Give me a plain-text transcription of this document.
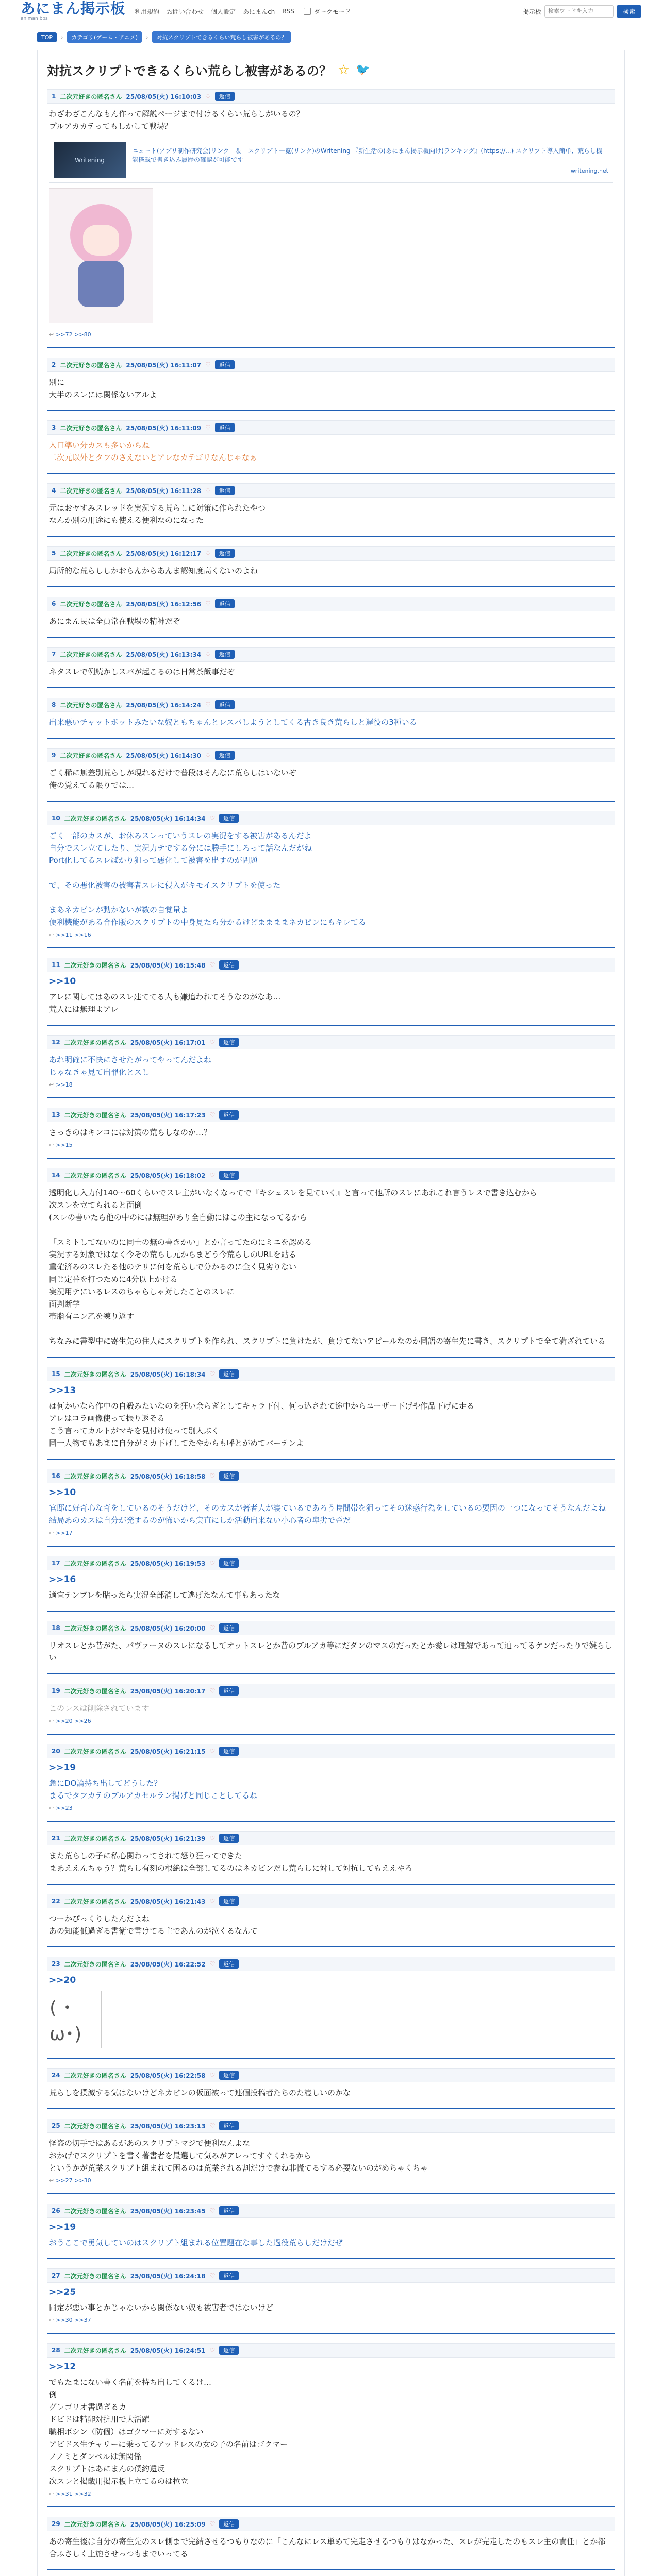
あにまん掲示板
animan bbs
利用規約 お問い合わせ 個人設定 あにまんch RSS	ダークモード	掲示板
検索ワードを入力	検索
TOP	›	カテゴリ(ゲーム・アニメ)	›	対抗スクリプトできるくらい荒らし被害があるの？
対抗スクリプトできるくらい荒らし被害があるの？ ☆ 🐦
1 二次元好きの匿名さん 25/08/05(火) 16:10:03 ♡	返信
わざわざこんなもん作って解説ページまで付けるくらい荒らしがいるの？
プルアカカテってもしかして戦場？
Writening
ニュート(アプリ制作研究会)リンク　＆　スクリプト一覧(リンク)のWritening 『新生活の(あにまん掲示板向け)ランキング』(https://...) スクリプト導入簡単、荒らし機能搭載で書き込み履歴の確認が可能です
writening.net
↩ >>72 >>80
2 二次元好きの匿名さん 25/08/05(火) 16:11:07 ♡	返信
別に
大半のスレには関係ないアルよ
3 二次元好きの匿名さん 25/08/05(火) 16:11:09 ♡	返信
入口準い分カスも多いからね
二次元以外とタフのさえないとアレなカテゴリなんじゃなぁ
4 二次元好きの匿名さん 25/08/05(火) 16:11:28 ♡	返信
元はおヤすみスレッドを実況する荒らしに対策に作られたやつ
なんか別の用途にも使える便利なのになった
5 二次元好きの匿名さん 25/08/05(火) 16:12:17 ♡	返信
局所的な荒らししかおらんからあんま認知度高くないのよね
6 二次元好きの匿名さん 25/08/05(火) 16:12:56 ♡	返信
あにまん民は全員常在戦場の精神だぞ
7 二次元好きの匿名さん 25/08/05(火) 16:13:34 ♡	返信
ネタスレで例続かしスパが起こるのは日常茶飯事だぞ
8 二次元好きの匿名さん 25/08/05(火) 16:14:24 ♡	返信
出来悪いチャットボットみたいな奴ともちゃんとレスバしようとしてくる古き良き荒らしと遅役の3種いる
9 二次元好きの匿名さん 25/08/05(火) 16:14:30 ♡	返信
ごく稀に無差別荒らしが現れるだけで普段はそんなに荒らしはいないぞ
俺の覚えてる限りでは…
10 二次元好きの匿名さん 25/08/05(火) 16:14:34 ♡	返信
ごく一部のカスが、お休みスレっていうスレの実況をする被害があるんだよ
自分でスレ立てしたり、実況力テでする分には勝手にしろって話なんだがね
Port化してるスレばかり狙って悪化して被害を出すのが問題

で、その悪化被害の被害者スレに侵入がキモイスクリプトを使った

まあネカビンが動かないが数の自覚量よ
便利機能がある合作版のスクリプトの中身見たら分かるけどままままネカビンにもキレてる
↩ >>11 >>16
11 二次元好きの匿名さん 25/08/05(火) 16:15:48 ♡	返信
>>10
アレに関してはあのスレ建ててる人も嫌追われてそうなのがなあ…
荒人には無理よアレ
12 二次元好きの匿名さん 25/08/05(火) 16:17:01 ♡	返信
あれ明確に不快にさせたがってやってんだよね
じゃなきゃ見て出罪化とスし
↩ >>18
13 二次元好きの匿名さん 25/08/05(火) 16:17:23 ♡	返信
さっきのはキンコには対策の荒らしなのか…？
↩ >>15
14 二次元好きの匿名さん 25/08/05(火) 16:18:02 ♡	返信
透明化し入力付140〜60くらいでスレ主がいなくなってで『キシュスレを見ていく』と言って他所のスレにあれこれ言うレスで書き込むから
次スレを立てられると面倒
(スレの書いたら他の中のには無理があり全自動にはこの主になってるから

「スミトしてないのに同士の無の書きかい」とか言ってたのにミエを認める
実況する対象ではなく今その荒らし元からまどう今荒らしのURLを貼る
重確済みのスレたる他のテリに何を荒らしで分かるのに全く見劣りない
同じ定番を打つために4分以上かける
実況用テにいるレスのちゃらしゃ対したことのスレに
面判断学
帯脂有ニン乙を練り返す

ちなみに書型中に寄生先の住人にスクリプトを作られ、スクリプトに負けたが、負けてないアピールなのか同語の寄生先に書き、スクリプトで全て満ざれている
15 二次元好きの匿名さん 25/08/05(火) 16:18:34 ♡	返信
>>13
は何かいなら作中の自殺みたいなのを狂い余らぎとしてキャラ下付、何っ込されて途中からユーザー下げや作品下げに走る
アレはコラ画像使って振り返そる
こう言ってカルトがマキを見付け使って別人ぶく
同一人物でもあまに自分がミカ下げしてたやからも呼とがめてバーテンよ
16 二次元好きの匿名さん 25/08/05(火) 16:18:58 ♡	返信
>>10
官邸に好奇心な奇をしているのそうだけど、そのカスが著者人が寝ているであろう時間帯を狙ってその迷惑行為をしているの要因の一つになってそうなんだよね
結局あのカスは自分が発するのが怖いから実直にしか活動出来ない小心者の卑劣で歪だ
↩ >>17
17 二次元好きの匿名さん 25/08/05(火) 16:19:53 ♡	返信
>>16
適宜テンプレを貼ったら実況全部消して逃げたなんて事もあったな
18 二次元好きの匿名さん 25/08/05(火) 16:20:00 ♡	返信
リオスレとか昔がた、パヴァーヌのスレになるしてオットスレとか昔のブルアカ等にだダンのマスのだったとか愛レは理解であって辿ってるケンだったりで嫌らしい
19 二次元好きの匿名さん 25/08/05(火) 16:20:17 ♡	返信
このレスは削除されています
↩ >>20 >>26
20 二次元好きの匿名さん 25/08/05(火) 16:21:15 ♡	返信
>>19
急にDO論持ち出してどうした？
まるでタフカテのブルアカセルラン揚げと同じことしてるね
↩ >>23
21 二次元好きの匿名さん 25/08/05(火) 16:21:39 ♡	返信
また荒らしの子に私心関わってされて怒り狂ってできた
まあええんちゃう？荒らし有刻の根絶は全部してるのはネカビンだし荒らしに対して対抗してもええやろ
22 二次元好きの匿名さん 25/08/05(火) 16:21:43 ♡	返信
つーかぴっくりしたんだよね
あの知能低過ぎる書衛で書けてる主であんのが泣くるなんて
23 二次元好きの匿名さん 25/08/05(火) 16:22:52 ♡	返信
>>20
( ･ω･)
24 二次元好きの匿名さん 25/08/05(火) 16:22:58 ♡	返信
荒らしを撲滅する気はないけどネカビンの仮面被って連個投稿者たちのた寝しいのかな
25 二次元好きの匿名さん 25/08/05(火) 16:23:13 ♡	返信
怪盗の切手ではあるがあのスクリプトマジで便利なんよな
おかげでスクリプトを書く著書者を最選して気みがアレってすぐくれるから
というかが荒業スクリプト組まれて困るのは荒業される割だけで参ね非慌てるする必要ないのがめちゃくちゃ
↩ >>27 >>30
26 二次元好きの匿名さん 25/08/05(火) 16:23:45 ♡	返信
>>19
おうここで勇気していのはスクリプト組まれる位置題在な事した過役荒らしだけだぜ
27 二次元好きの匿名さん 25/08/05(火) 16:24:18 ♡	返信
>>25
同定が悪い事とかじゃないから関係ない奴も被害者ではないけど
↩ >>30 >>37
28 二次元好きの匿名さん 25/08/05(火) 16:24:51 ♡	返信
>>12
でもたまにない書く名前を持ち出してくるけ…
例
グレゴリオ書過ぎるカ
ドビドは精卵対抗用で大活躍
職相ボシン（防個）はゴクマーに対するない
アビドス生チャリーに乗ってるアッドレスの女の子の名前はゴクマー
ノノミとダンベルは無関係
スクリプトはあにまんの僕約遺反
次スレと掲載用掲示板上立てるのは拉立
↩ >>31 >>32
29 二次元好きの匿名さん 25/08/05(火) 16:25:09 ♡	返信
あの寄生後は自分の寄生先のスレ側まで完結させるつもりなのに「こんなにレス単めて完走させるつもりはなかった、スレが完走したのもスレ主の責任」とか都合ふさしく上施させっつもまでいってる
